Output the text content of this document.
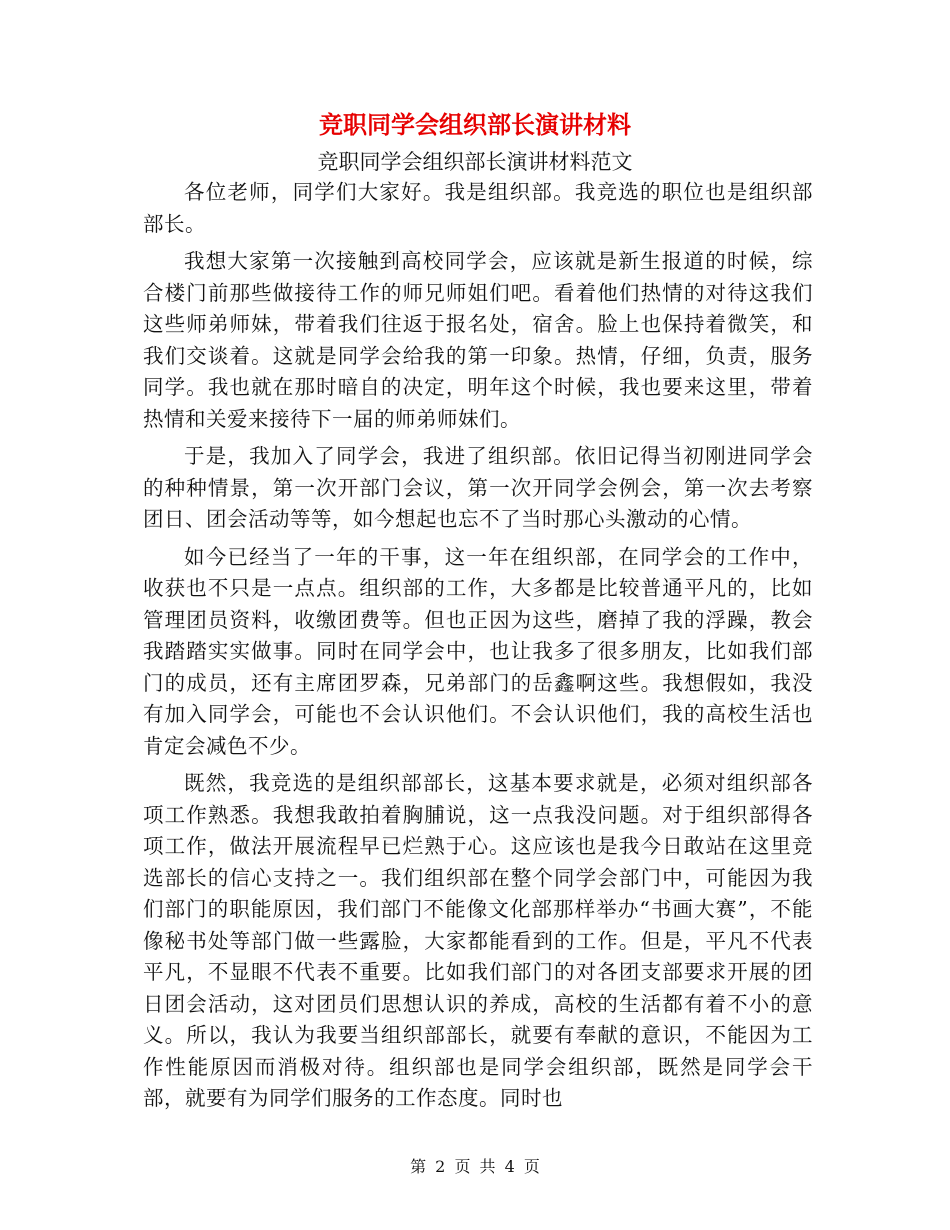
竞职同学会组织部长演讲材料
竞职同学会组织部长演讲材料范文

各位老师，同学们大家好。我是组织部。我竞选的职位也是组织部部长。

我想大家第一次接触到高校同学会，应该就是新生报道的时候，综合楼门前那些做接待工作的师兄师姐们吧。看着他们热情的对待这我们这些师弟师妹，带着我们往返于报名处，宿舍。脸上也保持着微笑，和我们交谈着。这就是同学会给我的第一印象。热情，仔细，负责，服务同学。我也就在那时暗自的决定，明年这个时候，我也要来这里，带着热情和关爱来接待下一届的师弟师妹们。

于是，我加入了同学会，我进了组织部。依旧记得当初刚进同学会的种种情景，第一次开部门会议，第一次开同学会例会，第一次去考察团日、团会活动等等，如今想起也忘不了当时那心头激动的心情。

如今已经当了一年的干事，这一年在组织部，在同学会的工作中，收获也不只是一点点。组织部的工作，大多都是比较普通平凡的，比如管理团员资料，收缴团费等。但也正因为这些，磨掉了我的浮躁，教会我踏踏实实做事。同时在同学会中，也让我多了很多朋友，比如我们部门的成员，还有主席团罗森，兄弟部门的岳鑫啊这些。我想假如，我没有加入同学会，可能也不会认识他们。不会认识他们，我的高校生活也肯定会减色不少。

既然，我竞选的是组织部部长，这基本要求就是，必须对组织部各项工作熟悉。我想我敢拍着胸脯说，这一点我没问题。对于组织部得各项工作，做法开展流程早已烂熟于心。这应该也是我今日敢站在这里竞选部长的信心支持之一。我们组织部在整个同学会部门中，可能因为我们部门的职能原因，我们部门不能像文化部那样举办“书画大赛”，不能像秘书处等部门做一些露脸，大家都能看到的工作。但是，平凡不代表平凡，不显眼不代表不重要。比如我们部门的对各团支部要求开展的团日团会活动，这对团员们思想认识的养成，高校的生活都有着不小的意义。所以，我认为我要当组织部部长，就要有奉献的意识，不能因为工作性能原因而消极对待。组织部也是同学会组织部，既然是同学会干部，就要有为同学们服务的工作态度。同时也

第 2 页 共 4 页
